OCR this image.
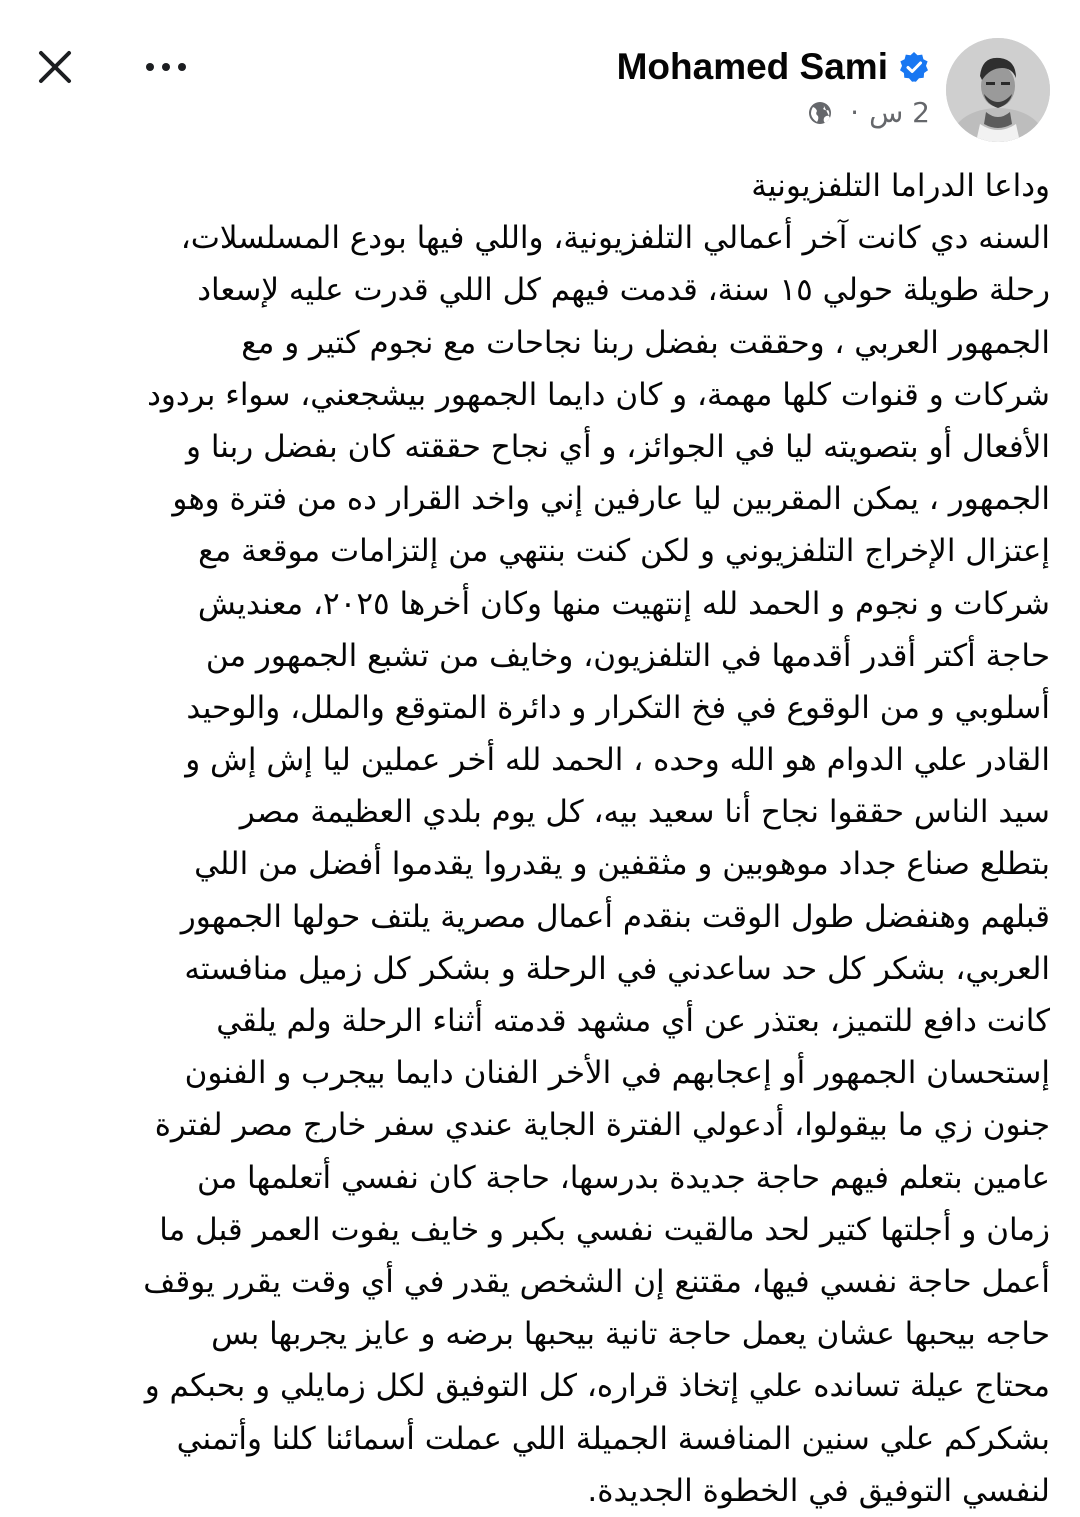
Mohamed Sami
· 2 س
وداعا الدراما التلفزيونية
السنه دي كانت آخر أعمالي التلفزيونية، واللي فيها بودع المسلسلات،
رحلة طويلة حولي ١٥ سنة، قدمت فيهم كل اللي قدرت عليه لإسعاد
الجمهور العربي ، وحققت بفضل ربنا نجاحات مع نجوم كتير و مع
شركات و قنوات كلها مهمة، و كان دايما الجمهور بيشجعني، سواء بردود
الأفعال أو بتصويته ليا في الجوائز، و أي نجاح حققته كان بفضل ربنا و
الجمهور ، يمكن المقربين ليا عارفين إني واخد القرار ده من فترة وهو
إعتزال الإخراج التلفزيوني و لكن كنت بنتهي من إلتزامات موقعة مع
شركات و نجوم و الحمد لله إنتهيت منها وكان أخرها ٢٠٢٥، معنديش
حاجة أكتر أقدر أقدمها في التلفزيون، وخايف من تشبع الجمهور من
أسلوبي و من الوقوع في فخ التكرار و دائرة المتوقع والملل، والوحيد
القادر علي الدوام هو الله وحده ، الحمد لله أخر عملين ليا إش إش و
سيد الناس حققوا نجاح أنا سعيد بيه، كل يوم بلدي العظيمة مصر
بتطلع صناع جداد موهوبين و مثقفين و يقدروا يقدموا أفضل من اللي
قبلهم وهنفضل طول الوقت بنقدم أعمال مصرية يلتف حولها الجمهور
العربي، بشكر كل حد ساعدني في الرحلة و بشكر كل زميل منافسته
كانت دافع للتميز، بعتذر عن أي مشهد قدمته أثناء الرحلة ولم يلقي
إستحسان الجمهور أو إعجابهم في الأخر الفنان دايما بيجرب و الفنون
جنون زي ما بيقولوا، أدعولي الفترة الجاية عندي سفر خارج مصر لفترة
عامين بتعلم فيهم حاجة جديدة بدرسها، حاجة كان نفسي أتعلمها من
زمان و أجلتها كتير لحد مالقيت نفسي بكبر و خايف يفوت العمر قبل ما
أعمل حاجة نفسي فيها، مقتنع إن الشخص يقدر في أي وقت يقرر يوقف
حاجه بيحبها عشان يعمل حاجة تانية بيحبها برضه و عايز يجربها بس
محتاج عيلة تسانده علي إتخاذ قراره، كل التوفيق لكل زمايلي و بحبكم و
بشكركم علي سنين المنافسة الجميلة اللي عملت أسمائنا كلنا وأتمني
لنفسي التوفيق في الخطوة الجديدة.
